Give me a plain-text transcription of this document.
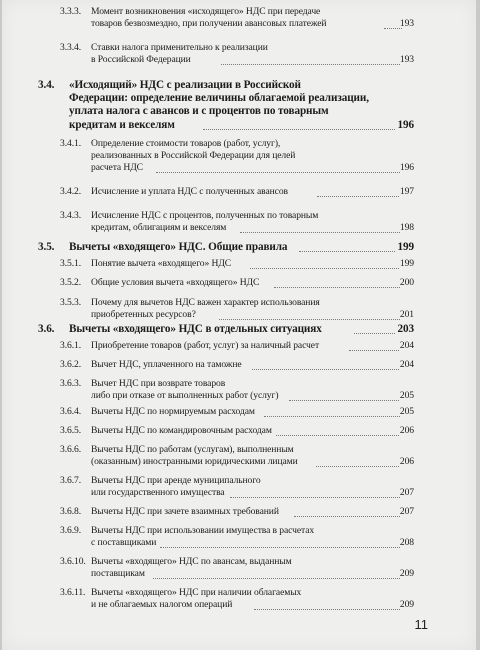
3.3.3. Момент возникновения «исходящего» НДС при передаче
товаров безвозмездно, при получении авансовых платежей	193
3.3.4. Ставки налога применительно к реализации
в Российской Федерации	193
3.4. «Исходящий» НДС с реализации в Российской
Федерации: определение величины облагаемой реализации,
уплата налога с авансов и с процентов по товарным
кредитам и векселям	196
3.4.1. Определение стоимости товаров (работ, услуг),
реализованных в Российской Федерации для целей
расчета НДС	196
3.4.2. Исчисление и уплата НДС с полученных авансов	197
3.4.3. Исчисление НДС с процентов, полученных по товарным
кредитам, облигациям и векселям	198
3.5. Вычеты «входящего» НДС. Общие правила	199
3.5.1. Понятие вычета «входящего» НДС	199
3.5.2. Общие условия вычета «входящего» НДС	200
3.5.3. Почему для вычетов НДС важен характер использования
приобретенных ресурсов?	201
3.6. Вычеты «входящего» НДС в отдельных ситуациях	203
3.6.1. Приобретение товаров (работ, услуг) за наличный расчет	204
3.6.2. Вычет НДС, уплаченного на таможне	204
3.6.3. Вычет НДС при возврате товаров
либо при отказе от выполненных работ (услуг)	205
3.6.4. Вычеты НДС по нормируемым расходам	205
3.6.5. Вычеты НДС по командировочным расходам	206
3.6.6. Вычеты НДС по работам (услугам), выполненным
(оказанным) иностранными юридическими лицами	206
3.6.7. Вычеты НДС при аренде муниципального
или государственного имущества	207
3.6.8. Вычеты НДС при зачете взаимных требований	207
3.6.9. Вычеты НДС при использовании имущества в расчетах
с поставщиками	208
3.6.10. Вычеты «входящего» НДС по авансам, выданным
поставщикам	209
3.6.11. Вычеты «входящего» НДС при наличии облагаемых
и не облагаемых налогом операций	209
11
